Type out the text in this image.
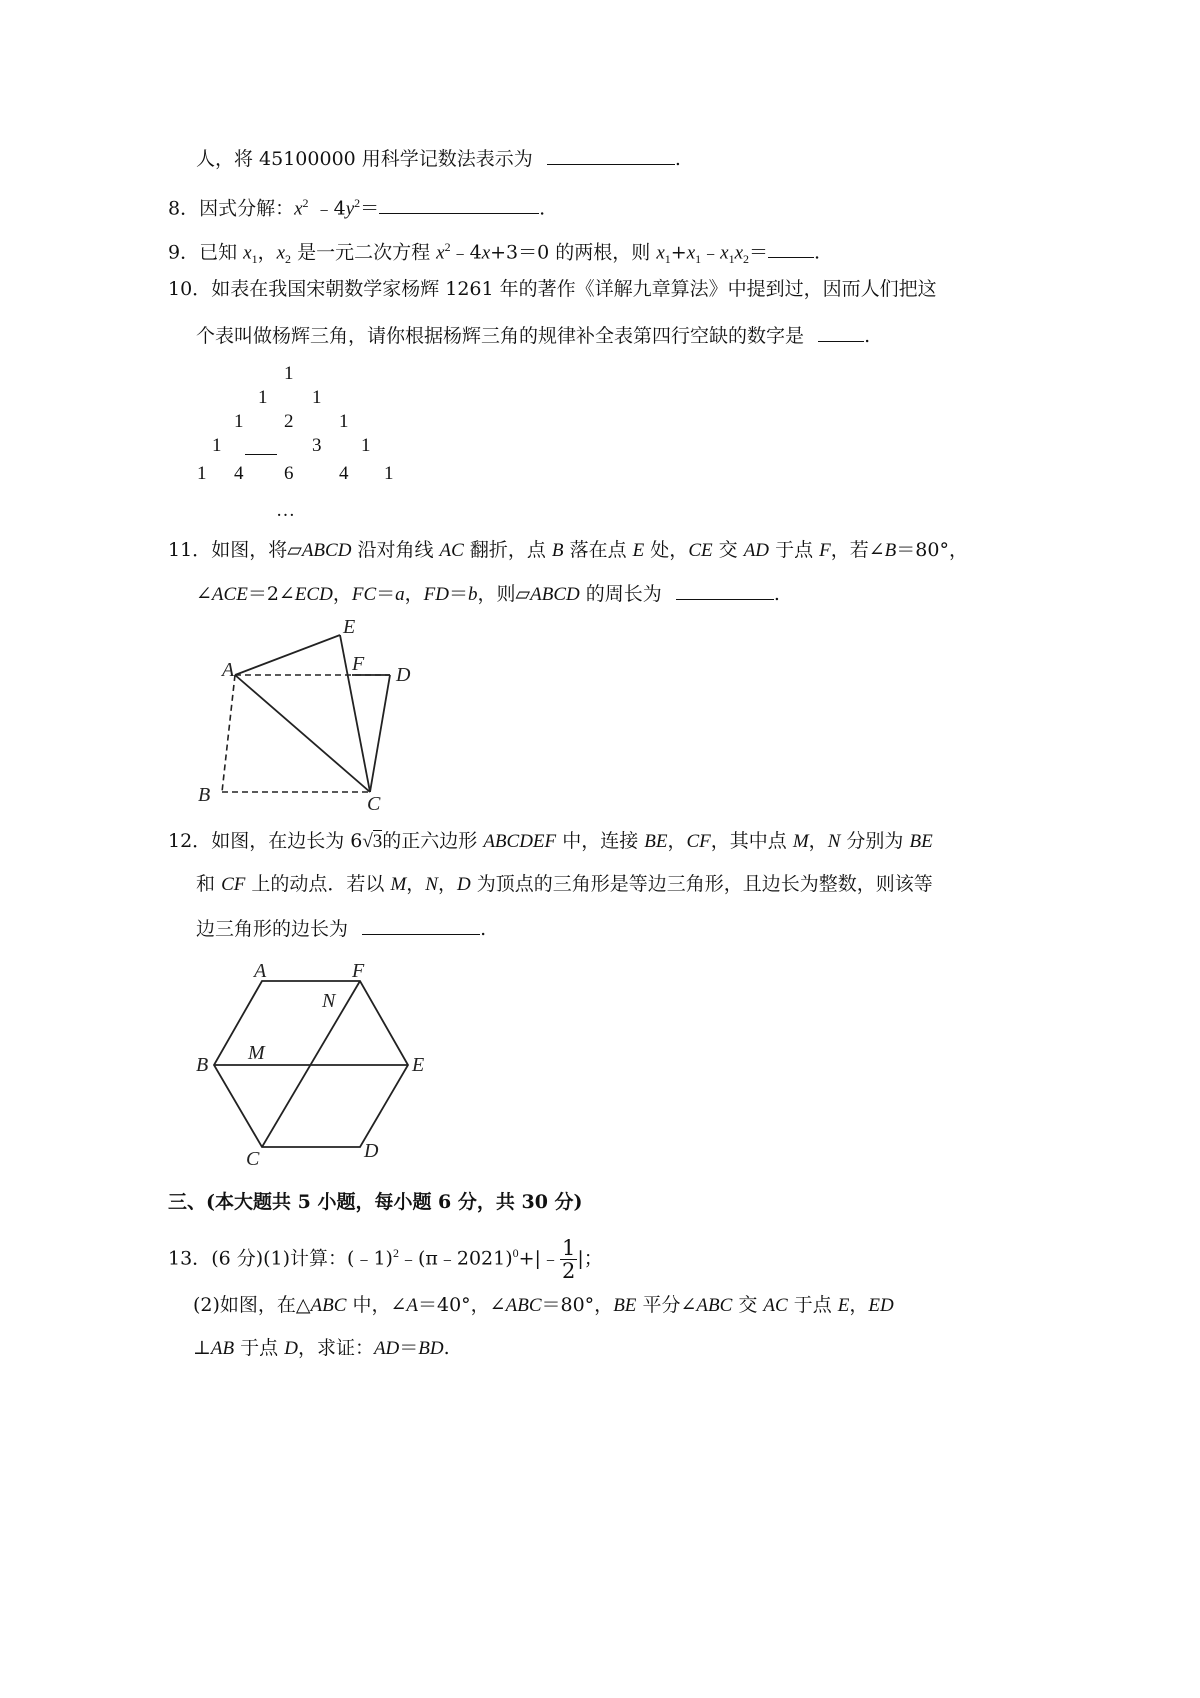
人，将 45100000 用科学记数法表示为	.
8．因式分解：$x^2$ $﹣4y^2=$	.
9．已知 $x_1$，$x_2$ 是一元二次方程 $x^2﹣4x+3=0$ 的两根，则 $x_1+x_1﹣x_1x_2=$ .
10．如表在我国宋朝数学家杨辉 1261 年的著作《详解九章算法》中提到过，因而人们把这
个表叫做杨辉三角，请你根据杨辉三角的规律补全表第四行空缺的数字是	.
1
1 1
1 2 1
1	3 1
1 4 6 4 1
…
11．如图，将▱ABCD 沿对角线 AC 翻折，点 B 落在点 E 处，CE 交 AD 于点 F，若∠B＝80°，
∠ACE＝2∠ECD，FC＝a，FD＝b，则▱ABCD 的周长为	.
A
B	C
D
E
F
12．如图，在边长为 6√3的正六边形 ABCDEF 中，连接 BE，CF，其中点 M，N 分别为 BE
和 CF 上的动点．若以 M，N，D 为顶点的三角形是等边三角形，且边长为整数，则该等
边三角形的边长为	.
A	F
B	E
C	D
M
N
三、(本大题共 5 小题，每小题 6 分，共 30 分)
13．(6 分)(1)计算：(﹣1)$^2$﹣(π﹣2021)$^0$+|﹣ $\frac{1}{2}$ |；
(2)如图，在△ABC 中，∠A＝40°，∠ABC＝80°，BE 平分∠ABC 交 AC 于点 E，ED
⊥AB 于点 D，求证：AD＝BD.
